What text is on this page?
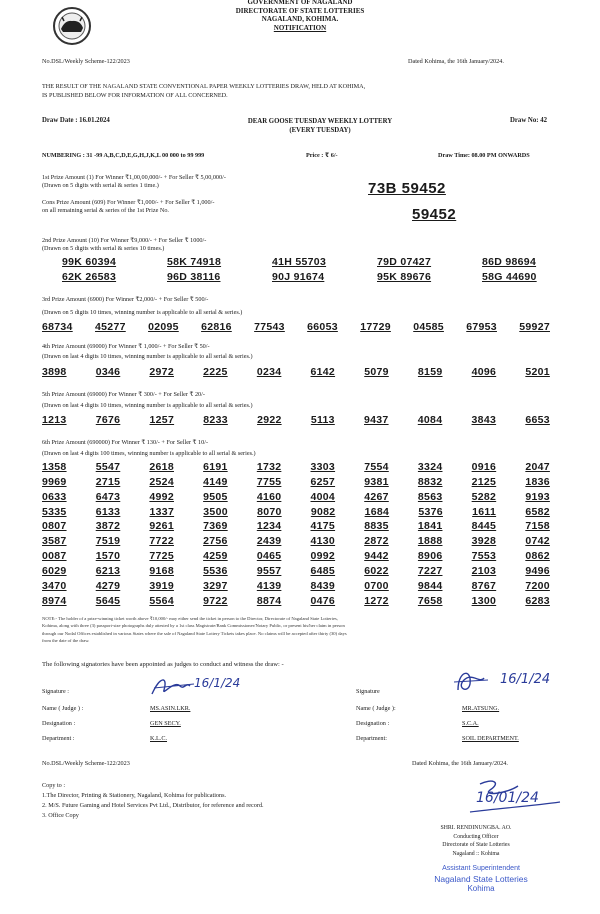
GOVERNMENT OF NAGALAND
DIRECTORATE OF STATE LOTTERIES
NAGALAND, KOHIMA.
NOTIFICATION
No.DSL/Weekly Scheme-122/2023	Dated Kohima, the 16th January/2024.
THE RESULT OF THE NAGALAND STATE CONVENTIONAL PAPER WEEKLY LOTTERIES DRAW, HELD AT KOHIMA,
IS PUBLISHED BELOW FOR INFORMATION OF ALL CONCERNED.
Draw Date : 16.01.2024	DEAR GOOSE TUESDAY WEEKLY LOTTERY
(EVERY TUESDAY)
Draw No: 42
NUMBERING : 31 -99 A,B,C,D,E,G,H,J,K,L 00 000 to 99 999	Price : ₹ 6/-	Draw Time: 08.00 PM ONWARDS
1st Prize Amount (1) For Winner ₹1,00,00,000/- + For Seller ₹ 5,00,000/-
(Drawn on 5 digits with serial & series 1 time.)	73B 59452
Cons Prize Amount (609) For Winner ₹1,000/- + For Seller ₹ 1,000/-
on all remaining serial & series of the 1st Prize No.	59452
2nd Prize Amount (10) For Winner ₹9,000/- + For Seller ₹ 1000/-
(Drawn on 5 digits with serial & series 10 times.)
99K 60394	58K 74918	41H 55703	79D 07427	86D 98694
62K 26583	96D 38116	90J 91674	95K 89676	58G 44690
3rd Prize Amount (6900) For Winner ₹2,000/- + For Seller ₹ 500/-
(Drawn on 5 digits 10 times, winning number is applicable to all serial & series.)
68734 45277 02095 62816 77543 66053 17729 04585 67953 59927
4th Prize Amount (69000) For Winner ₹ 1,000/- + For Seller ₹ 50/-
(Drawn on last 4 digits 10 times, winning number is applicable to all serial & series.)
3898	0346	2972	2225	0234	6142	5079	8159	4096	5201
5th Prize Amount (69000) For Winner ₹ 300/- + For Seller ₹ 20/-
(Drawn on last 4 digits 10 times, winning number is applicable to all serial & series.)
1213	7676	1257	8233	2922	5113	9437	4084	3843	6653
6th Prize Amount (690000) For Winner ₹ 130/- + For Seller ₹ 10/-
(Drawn on last 4 digits 100 times, winning number is applicable to all serial & series.)
1358	5547	2618	6191	1732	3303	7554	3324	0916	2047
9969	2715	2524	4149	7755	6257	9381	8832	2125	1836
0633	6473	4992	9505	4160	4004	4267	8563	5282	9193
5335	6133	1337	3500	8070	9082	1684	5376	1611	6582
0807	3872	9261	7369	1234	4175	8835	1841	8445	7158
3587	7519	7722	2756	2439	4130	2872	1888	3928	0742
0087	1570	7725	4259	0465	0992	9442	8906	7553	0862
6029	6213	9168	5536	9557	6485	6022	7227	2103	9496
3470	4279	3919	3297	4139	8439	0700	9844	8767	7200
8974	5645	5564	9722	8874	0476	1272	7658	1300	6283
NOTE:- The holder of a prize-winning ticket worth above ₹10,000/- may either send the ticket in person to the Director, Directorate of Nagaland State Lotteries,
Kohima, along with three (3) passport-size photographs duly attested by a 1st class Magistrate/Bank Commissioner/Notary Public, or present his/her claim in person
through our Nodal Offices established in various States where the sale of Nagaland State Lottery Tickets takes place. No claims will be accepted after thirty (30) days
from the date of the draw.
The following signatories have been appointed as judges to conduct and witness the draw: -
Signature :
16/1/24
Name ( Judge ) :	MS.ASIN.LKR.
Designation :	GEN SECY.
Department :	K.L.C.
Signature
16/1/24
Name ( Judge ):	MR.ATSUNG.
Designation :	S.C.A.
Department:	SOIL DEPARTMENT.
No.DSL/Weekly Scheme-122/2023	Dated Kohima, the 16th January/2024.
Copy to :
1.The Director, Printing & Stationery, Nagaland, Kohima for publications.
2. M/S. Future Gaming and Hotel Services Pvt Ltd., Distributor, for reference and record.
3. Office Copy
16/01/24
SHRI. RENDINUNGBA. AO.
Conducting Officer
Directorate of State Lotteries
Nagaland :: Kohima
Assistant Superintendent
Nagaland State Lotteries
Kohima
